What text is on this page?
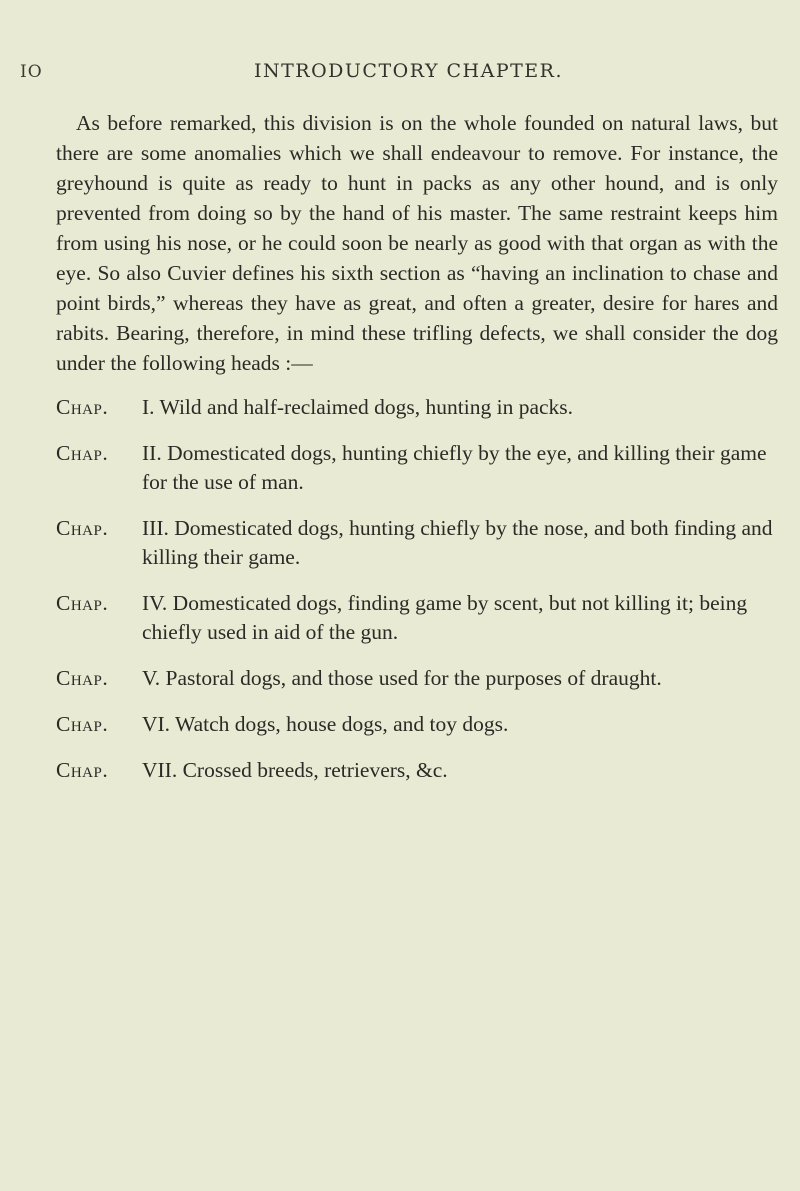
IO	INTRODUCTORY CHAPTER.

As before remarked, this division is on the whole founded on natural laws, but there are some anomalies which we shall endeavour to remove. For instance, the greyhound is quite as ready to hunt in packs as any other hound, and is only prevented from doing so by the hand of his master. The same restraint keeps him from using his nose, or he could soon be nearly as good with that organ as with the eye. So also Cuvier defines his sixth section as “having an inclination to chase and point birds,” whereas they have as great, and often a greater, desire for hares and rabits. Bearing, therefore, in mind these trifling defects, we shall consider the dog under the following heads :—

Chap.	I. Wild and half-reclaimed dogs, hunting in packs.
Chap.	II. Domesticated dogs, hunting chiefly by the eye, and killing their game for the use of man.
Chap.	III. Domesticated dogs, hunting chiefly by the nose, and both finding and killing their game.
Chap.	IV. Domesticated dogs, finding game by scent, but not killing it; being chiefly used in aid of the gun.
Chap.	V. Pastoral dogs, and those used for the purposes of draught.
Chap.	VI. Watch dogs, house dogs, and toy dogs.
Chap.	VII. Crossed breeds, retrievers, &c.
